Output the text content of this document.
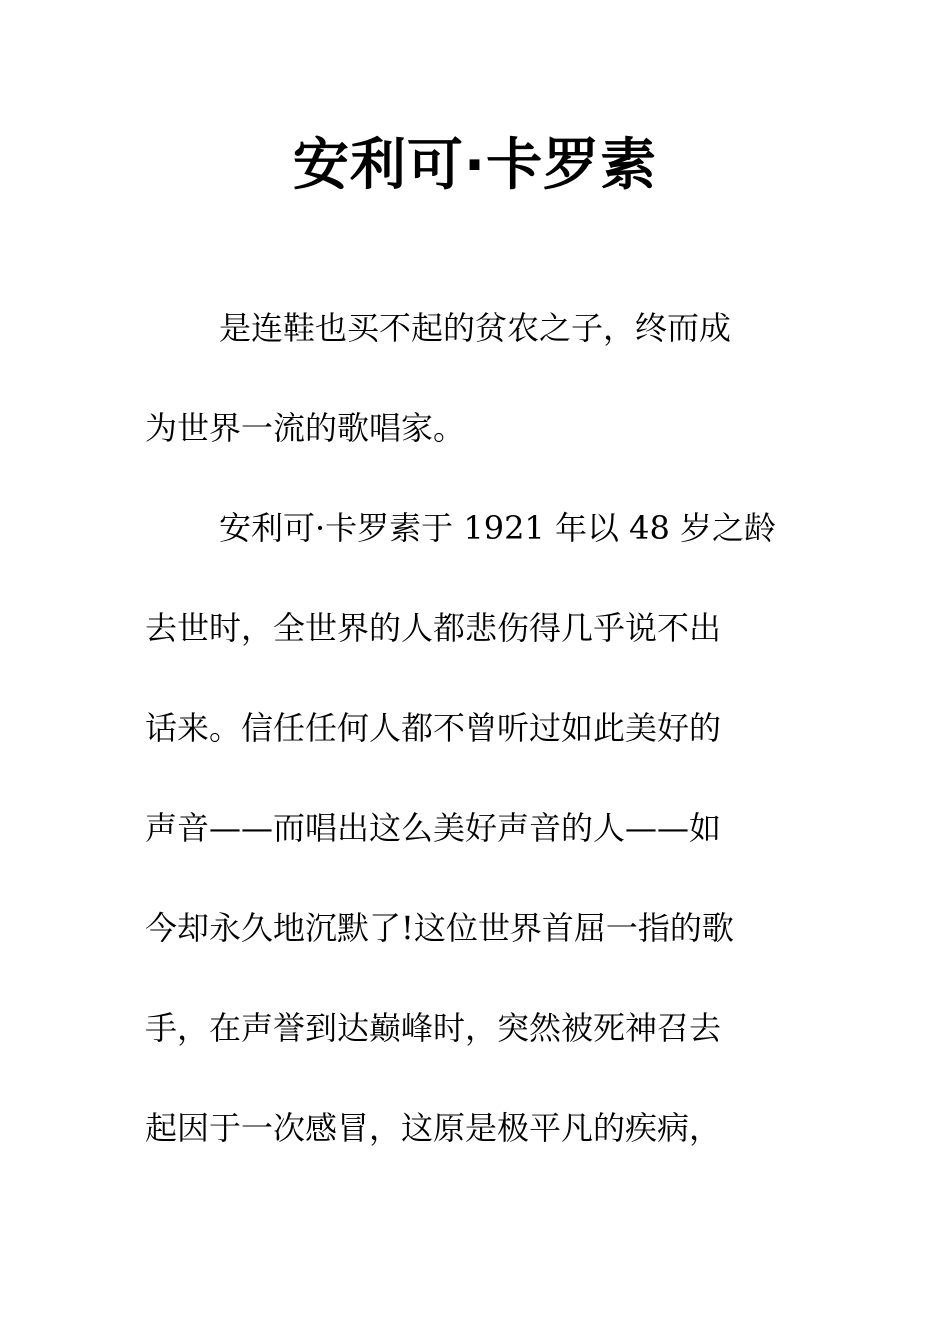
安利可·卡罗素
是连鞋也买不起的贫农之子，终而成
为世界一流的歌唱家。
安利可·卡罗素于 1921 年以 48 岁之龄
去世时，全世界的人都悲伤得几乎说不出
话来。信任任何人都不曾听过如此美好的
声音——而唱出这么美好声音的人——如
今却永久地沉默了!这位世界首屈一指的歌
手，在声誉到达巅峰时，突然被死神召去
起因于一次感冒，这原是极平凡的疾病，
